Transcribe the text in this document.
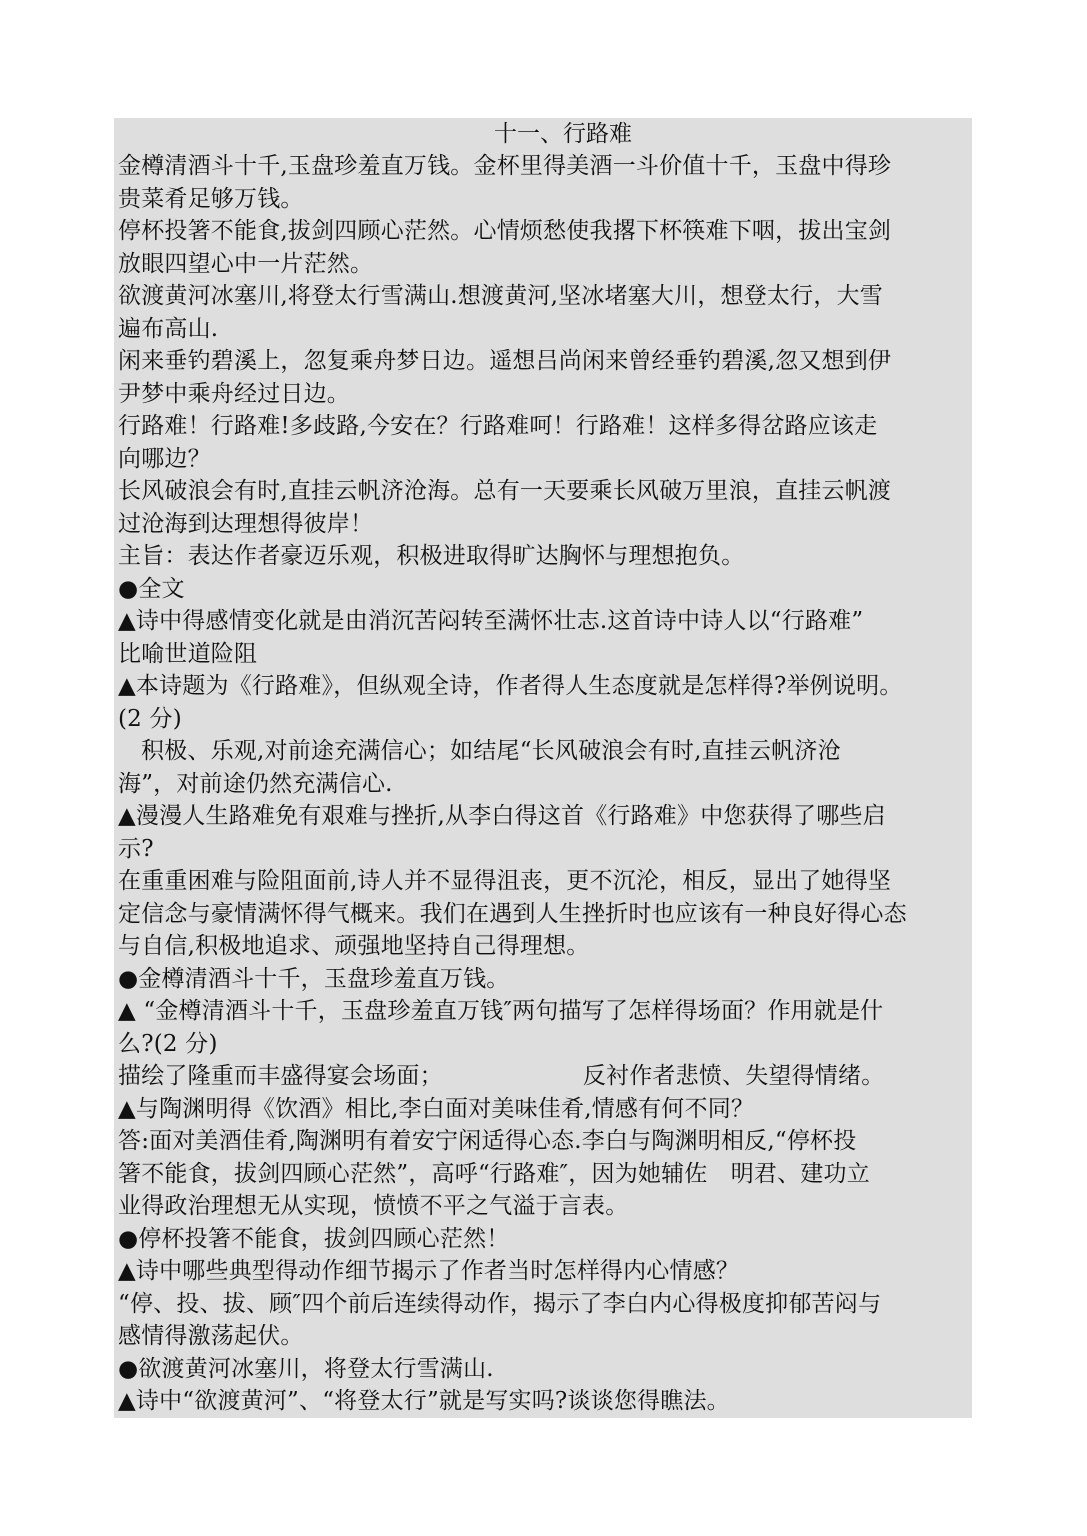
十一、行路难
金樽清酒斗十千,玉盘珍羞直万钱。金杯里得美酒一斗价值十千，玉盘中得珍
贵菜肴足够万钱。
停杯投箸不能食,拔剑四顾心茫然。心情烦愁使我撂下杯筷难下咽，拔出宝剑
放眼四望心中一片茫然。
欲渡黄河冰塞川,将登太行雪满山.想渡黄河,坚冰堵塞大川，想登太行，大雪
遍布高山.
闲来垂钓碧溪上，忽复乘舟梦日边。遥想吕尚闲来曾经垂钓碧溪,忽又想到伊
尹梦中乘舟经过日边。
行路难！行路难!多歧路,今安在？行路难呵！行路难！这样多得岔路应该走
向哪边？
长风破浪会有时,直挂云帆济沧海。总有一天要乘长风破万里浪，直挂云帆渡
过沧海到达理想得彼岸！
主旨：表达作者豪迈乐观，积极进取得旷达胸怀与理想抱负。
●全文
▲诗中得感情变化就是由消沉苦闷转至满怀壮志.这首诗中诗人以“行路难”
比喻世道险阻
▲本诗题为《行路难》，但纵观全诗，作者得人生态度就是怎样得?举例说明。
(2 分)
积极、乐观,对前途充满信心；如结尾“长风破浪会有时,直挂云帆济沧
海”，对前途仍然充满信心.
▲漫漫人生路难免有艰难与挫折,从李白得这首《行路难》中您获得了哪些启
示?
在重重困难与险阻面前,诗人并不显得沮丧，更不沉沦，相反，显出了她得坚
定信念与豪情满怀得气概来。我们在遇到人生挫折时也应该有一种良好得心态
与自信,积极地追求、顽强地坚持自己得理想。
●金樽清酒斗十千，玉盘珍羞直万钱。
▲ “金樽清酒斗十千，玉盘珍羞直万钱″两句描写了怎样得场面？作用就是什
么?(2 分)
描绘了隆重而丰盛得宴会场面；	反衬作者悲愤、失望得情绪。
▲与陶渊明得《饮酒》相比,李白面对美味佳肴,情感有何不同？
答:面对美酒佳肴,陶渊明有着安宁闲适得心态.李白与陶渊明相反,“停杯投
箸不能食，拔剑四顾心茫然”，高呼“行路难″，因为她辅佐　明君、建功立
业得政治理想无从实现，愤愤不平之气溢于言表。
●停杯投箸不能食，拔剑四顾心茫然！
▲诗中哪些典型得动作细节揭示了作者当时怎样得内心情感？
“停、投、拔、顾″四个前后连续得动作，揭示了李白内心得极度抑郁苦闷与
感情得激荡起伏。
●欲渡黄河冰塞川，将登太行雪满山.
▲诗中“欲渡黄河”、“将登太行”就是写实吗?谈谈您得瞧法。
